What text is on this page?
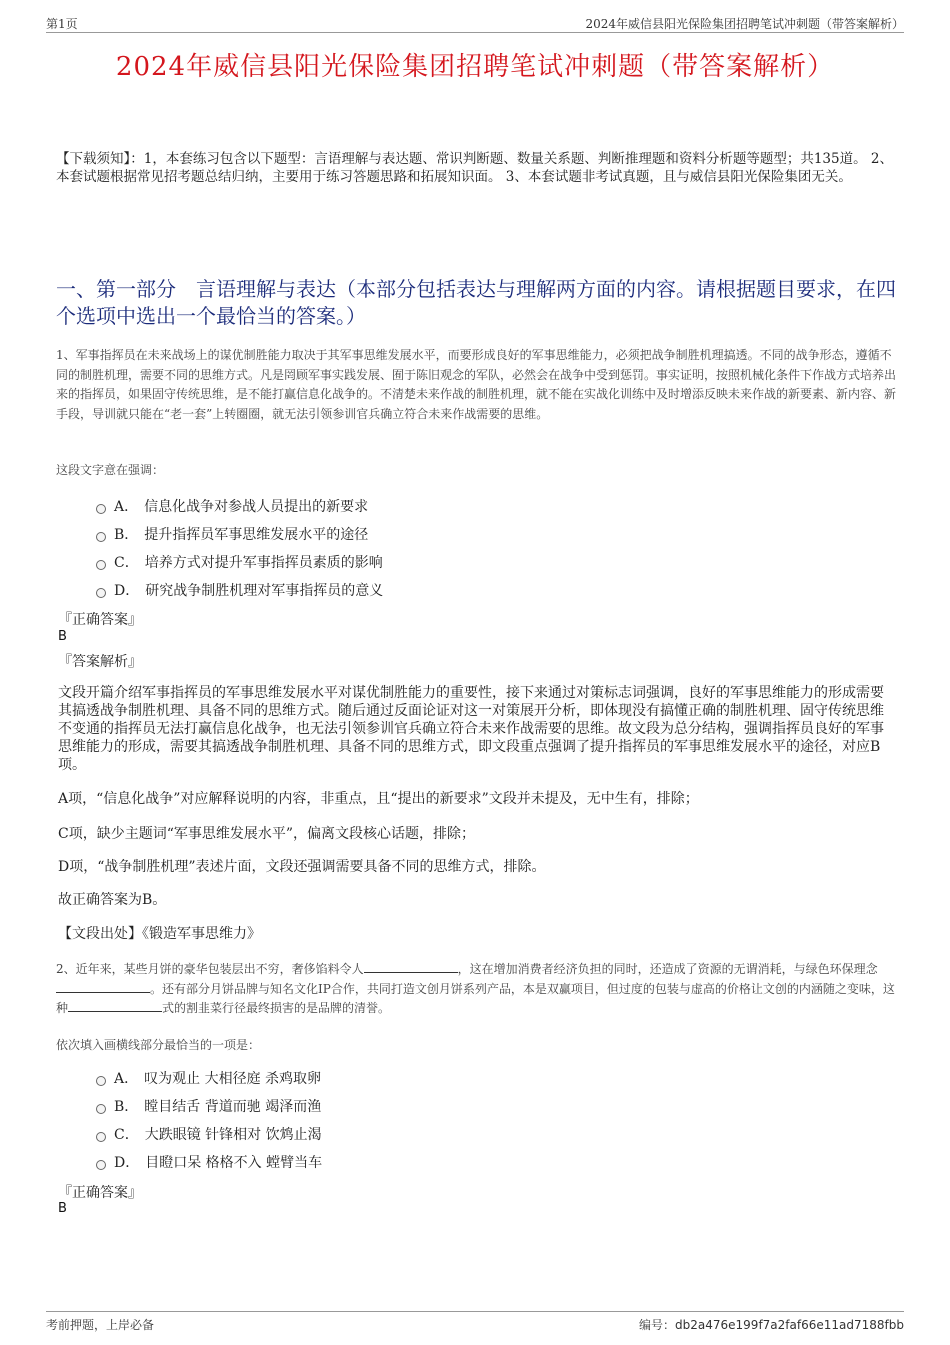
第1页	2024年威信县阳光保险集团招聘笔试冲刺题（带答案解析）
2024年威信县阳光保险集团招聘笔试冲刺题（带答案解析）
【下载须知】：1，本套练习包含以下题型：言语理解与表达题、常识判断题、数量关系题、判断推理题和资料分析题等题型；共135道。 2、本套试题根据常见招考题总结归纳，主要用于练习答题思路和拓展知识面。 3、本套试题非考试真题，且与威信县阳光保险集团无关。
一、第一部分　言语理解与表达（本部分包括表达与理解两方面的内容。请根据题目要求，在四个选项中选出一个最恰当的答案。）
1、军事指挥员在未来战场上的谋优制胜能力取决于其军事思维发展水平，而要形成良好的军事思维能力，必须把战争制胜机理搞透。不同的战争形态，遵循不同的制胜机理，需要不同的思维方式。凡是罔顾军事实践发展、囿于陈旧观念的军队，必然会在战争中受到惩罚。事实证明，按照机械化条件下作战方式培养出来的指挥员，如果固守传统思维，是不能打赢信息化战争的。不清楚未来作战的制胜机理，就不能在实战化训练中及时增添反映未来作战的新要素、新内容、新手段，导训就只能在“老一套”上转圈圈，就无法引领参训官兵确立符合未来作战需要的思维。
这段文字意在强调：
A． 信息化战争对参战人员提出的新要求
B． 提升指挥员军事思维发展水平的途径
C． 培养方式对提升军事指挥员素质的影响
D． 研究战争制胜机理对军事指挥员的意义
『正确答案』
B
『答案解析』
文段开篇介绍军事指挥员的军事思维发展水平对谋优制胜能力的重要性，接下来通过对策标志词强调，良好的军事思维能力的形成需要其搞透战争制胜机理、具备不同的思维方式。随后通过反面论证对这一对策展开分析，即体现没有搞懂正确的制胜机理、固守传统思维不变通的指挥员无法打赢信息化战争，也无法引领参训官兵确立符合未来作战需要的思维。故文段为总分结构，强调指挥员良好的军事思维能力的形成，需要其搞透战争制胜机理、具备不同的思维方式，即文段重点强调了提升指挥员的军事思维发展水平的途径，对应B项。
A项，“信息化战争”对应解释说明的内容，非重点，且“提出的新要求”文段并未提及，无中生有，排除；
C项，缺少主题词“军事思维发展水平”，偏离文段核心话题，排除；
D项，“战争制胜机理”表述片面，文段还强调需要具备不同的思维方式，排除。
故正确答案为B。
【文段出处】《锻造军事思维力》
2、近年来，某些月饼的豪华包装层出不穷，奢侈馅料令人	，这在增加消费者经济负担的同时，还造成了资源的无谓消耗，与绿色环保理念。还有部分月饼品牌与知名文化IP合作，共同打造文创月饼系列产品，本是双赢项目，但过度的包装与虚高的价格让文创的内涵随之变味，这种	式的割韭菜行径最终损害的是品牌的清誉。
依次填入画横线部分最恰当的一项是：
A． 叹为观止 大相径庭 杀鸡取卵
B． 瞠目结舌 背道而驰 竭泽而渔
C． 大跌眼镜 针锋相对 饮鸩止渴
D． 目瞪口呆 格格不入 螳臂当车
『正确答案』
B
考前押题，上岸必备	编号：db2a476e199f7a2faf66e11ad7188fbb
